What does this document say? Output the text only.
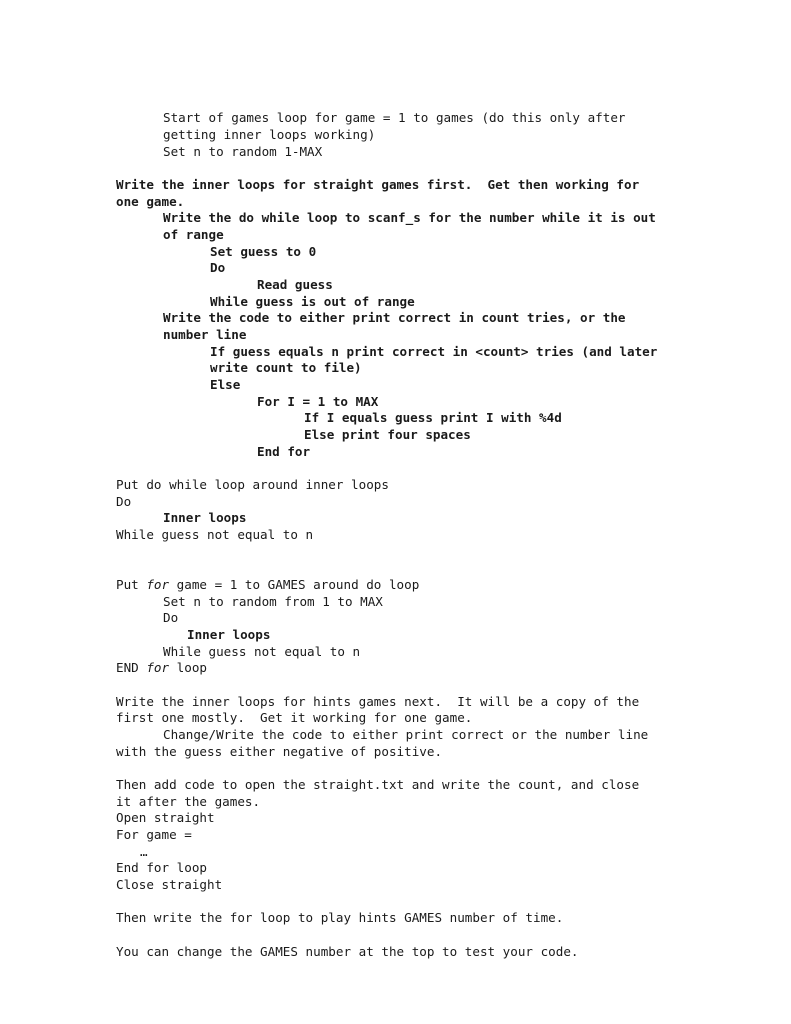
Start of games loop for game = 1 to games (do this only after
getting inner loops working)
Set n to random 1-MAX
Write the inner loops for straight games first.  Get then working for
one game.
Write the do while loop to scanf_s for the number while it is out
of range
Set guess to 0
Do
Read guess
While guess is out of range
Write the code to either print correct in count tries, or the
number line
If guess equals n print correct in <count> tries (and later
write count to file)
Else
For I = 1 to MAX
If I equals guess print I with %4d
Else print four spaces
End for
Put do while loop around inner loops
Do
Inner loops
While guess not equal to n
Put for game = 1 to GAMES around do loop
Set n to random from 1 to MAX
Do
Inner loops
While guess not equal to n
END for loop
Write the inner loops for hints games next.  It will be a copy of the
first one mostly.  Get it working for one game.
Change/Write the code to either print correct or the number line
with the guess either negative of positive.
Then add code to open the straight.txt and write the count, and close
it after the games.
Open straight
For game =
…
End for loop
Close straight
Then write the for loop to play hints GAMES number of time.
You can change the GAMES number at the top to test your code.
